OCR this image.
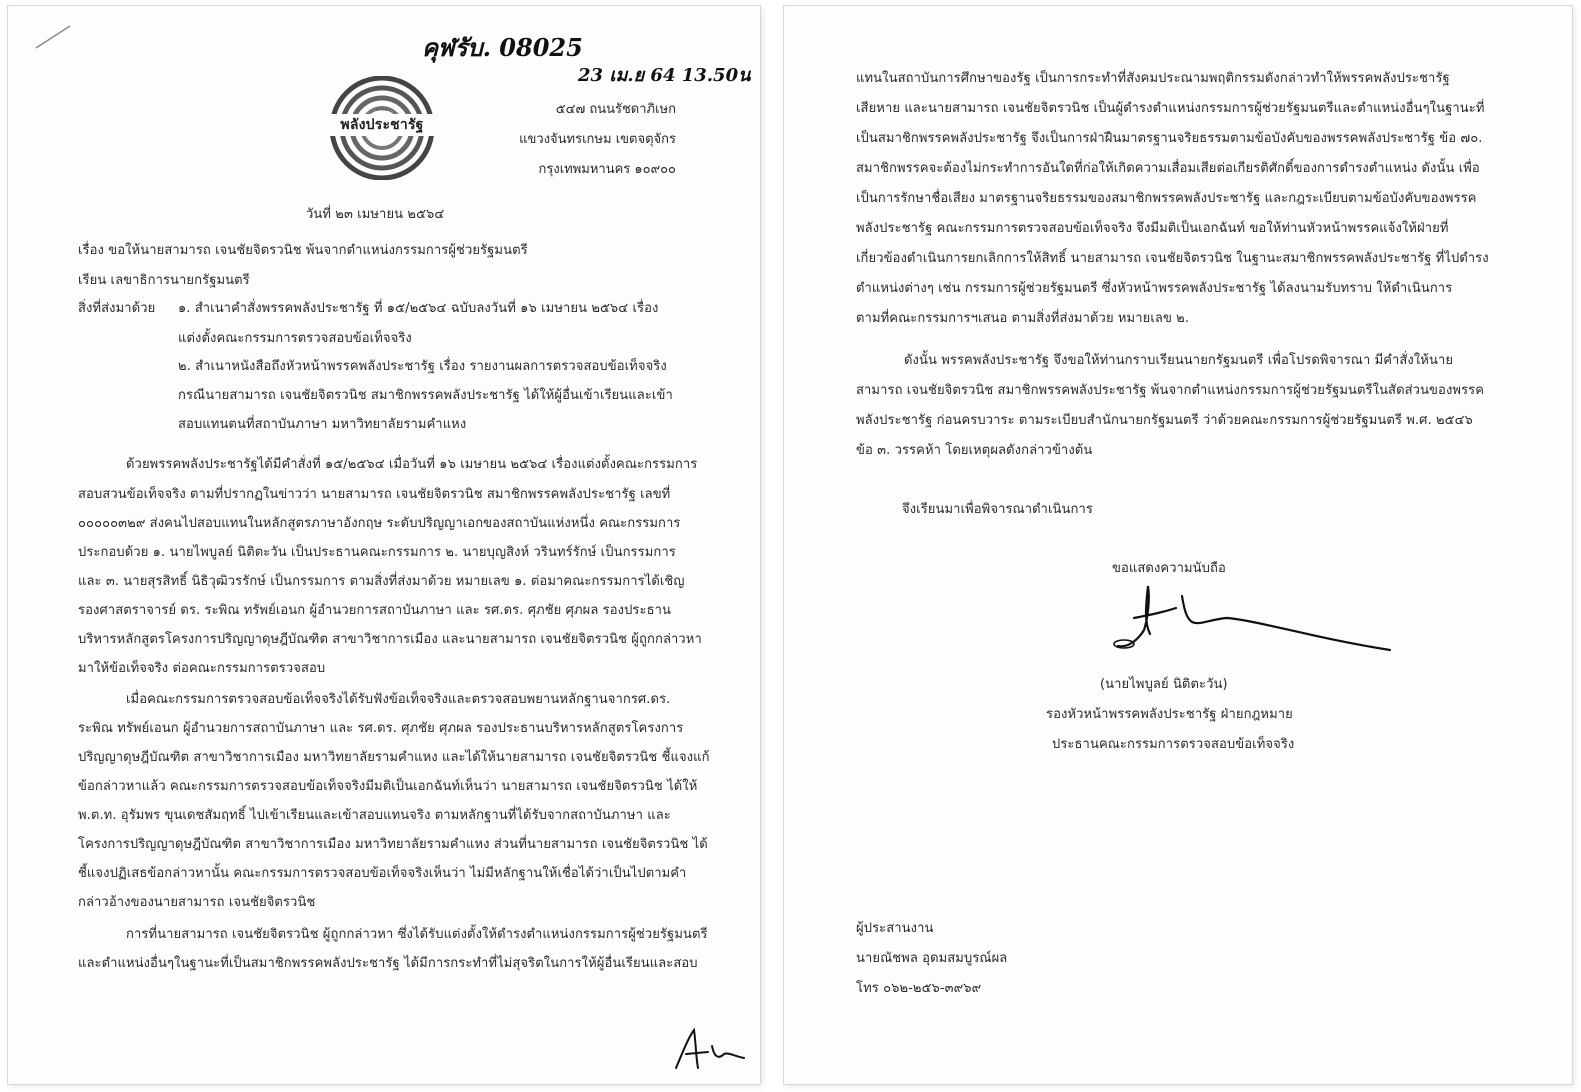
คุฬรับ. 08025
23 เม.ย 64 13.50น
พรรค
พลังประชารัฐ
๕๔๗ ถนนรัชดาภิเษก
แขวงจันทรเกษม เขตจตุจักร
กรุงเทพมหานคร ๑๐๙๐๐
วันที่ ๒๓ เมษายน ๒๕๖๔
เรื่อง ขอให้นายสามารถ เจนชัยจิตรวนิช พ้นจากตำแหน่งกรรมการผู้ช่วยรัฐมนตรี
เรียน เลขาธิการนายกรัฐมนตรี
สิ่งที่ส่งมาด้วย ๑. สำเนาคำสั่งพรรคพลังประชารัฐ ที่ ๑๕/๒๕๖๔ ฉบับลงวันที่ ๑๖ เมษายน ๒๕๖๔ เรื่อง
แต่งตั้งคณะกรรมการตรวจสอบข้อเท็จจริง
๒. สำเนาหนังสือถึงหัวหน้าพรรคพลังประชารัฐ เรื่อง รายงานผลการตรวจสอบข้อเท็จจริง
กรณีนายสามารถ เจนชัยจิตรวนิช สมาชิกพรรคพลังประชารัฐ ได้ให้ผู้อื่นเข้าเรียนและเข้า
สอบแทนตนที่สถาบันภาษา มหาวิทยาลัยรามคำแหง
ด้วยพรรคพลังประชารัฐได้มีคำสั่งที่ ๑๕/๒๕๖๔ เมื่อวันที่ ๑๖ เมษายน ๒๕๖๔ เรื่องแต่งตั้งคณะกรรมการ
สอบสวนข้อเท็จจริง ตามที่ปรากฏในข่าวว่า นายสามารถ เจนชัยจิตรวนิช สมาชิกพรรคพลังประชารัฐ เลขที่
๐๐๐๐๐๓๒๙ ส่งคนไปสอบแทนในหลักสูตรภาษาอังกฤษ ระดับปริญญาเอกของสถาบันแห่งหนึ่ง คณะกรรมการ
ประกอบด้วย ๑. นายไพบูลย์ นิติตะวัน เป็นประธานคณะกรรมการ ๒. นายบุญสิงห์ วรินทร์รักษ์ เป็นกรรมการ
และ ๓. นายสุรสิทธิ์ นิธิวุฒิวรรักษ์ เป็นกรรมการ ตามสิ่งที่ส่งมาด้วย หมายเลข ๑. ต่อมาคณะกรรมการได้เชิญ
รองศาสตราจารย์ ดร. ระพิณ ทรัพย์เอนก ผู้อำนวยการสถาบันภาษา และ รศ.ดร. ศุภชัย ศุภผล รองประธาน
บริหารหลักสูตรโครงการปริญญาดุษฎีบัณฑิต สาขาวิชาการเมือง และนายสามารถ เจนชัยจิตรวนิช ผู้ถูกกล่าวหา
มาให้ข้อเท็จจริง ต่อคณะกรรมการตรวจสอบ
เมื่อคณะกรรมการตรวจสอบข้อเท็จจริงได้รับฟังข้อเท็จจริงและตรวจสอบพยานหลักฐานจากรศ.ดร.
ระพิณ ทรัพย์เอนก ผู้อำนวยการสถาบันภาษา และ รศ.ดร. ศุภชัย ศุภผล รองประธานบริหารหลักสูตรโครงการ
ปริญญาดุษฎีบัณฑิต สาขาวิชาการเมือง มหาวิทยาลัยรามคำแหง และได้ให้นายสามารถ เจนชัยจิตรวนิช ชี้แจงแก้
ข้อกล่าวหาแล้ว คณะกรรมการตรวจสอบข้อเท็จจริงมีมติเป็นเอกฉันท์เห็นว่า นายสามารถ เจนชัยจิตรวนิช ได้ให้
พ.ต.ท. อุรัมพร ขุนเดชสัมฤทธิ์ ไปเข้าเรียนและเข้าสอบแทนจริง ตามหลักฐานที่ได้รับจากสถาบันภาษา และ
โครงการปริญญาดุษฎีบัณฑิต สาขาวิชาการเมือง มหาวิทยาลัยรามคำแหง ส่วนที่นายสามารถ เจนชัยจิตรวนิช ได้
ชี้แจงปฏิเสธข้อกล่าวหานั้น คณะกรรมการตรวจสอบข้อเท็จจริงเห็นว่า ไม่มีหลักฐานให้เชื่อได้ว่าเป็นไปตามคำ
กล่าวอ้างของนายสามารถ เจนชัยจิตรวนิช
การที่นายสามารถ เจนชัยจิตรวนิช ผู้ถูกกล่าวหา ซึ่งได้รับแต่งตั้งให้ดำรงตำแหน่งกรรมการผู้ช่วยรัฐมนตรี
และตำแหน่งอื่นๆในฐานะที่เป็นสมาชิกพรรคพลังประชารัฐ ได้มีการกระทำที่ไม่สุจริตในการให้ผู้อื่นเรียนและสอบ
แทนในสถาบันการศึกษาของรัฐ เป็นการกระทำที่สังคมประณามพฤติกรรมดังกล่าวทำให้พรรคพลังประชารัฐ
เสียหาย และนายสามารถ เจนชัยจิตรวนิช เป็นผู้ดำรงตำแหน่งกรรมการผู้ช่วยรัฐมนตรีและตำแหน่งอื่นๆในฐานะที่
เป็นสมาชิกพรรคพลังประชารัฐ จึงเป็นการฝ่าฝืนมาตรฐานจริยธรรมตามข้อบังคับของพรรคพลังประชารัฐ ข้อ ๗๐.
สมาชิกพรรคจะต้องไม่กระทำการอันใดที่ก่อให้เกิดความเสื่อมเสียต่อเกียรติศักดิ์ของการดำรงตำแหน่ง ดังนั้น เพื่อ
เป็นการรักษาชื่อเสียง มาตรฐานจริยธรรมของสมาชิกพรรคพลังประชารัฐ และกฎระเบียบตามข้อบังคับของพรรค
พลังประชารัฐ คณะกรรมการตรวจสอบข้อเท็จจริง จึงมีมติเป็นเอกฉันท์ ขอให้ท่านหัวหน้าพรรคแจ้งให้ฝ่ายที่
เกี่ยวข้องดำเนินการยกเลิกการให้สิทธิ์ นายสามารถ เจนชัยจิตรวนิช ในฐานะสมาชิกพรรคพลังประชารัฐ ที่ไปดำรง
ตำแหน่งต่างๆ เช่น กรรมการผู้ช่วยรัฐมนตรี ซึ่งหัวหน้าพรรคพลังประชารัฐ ได้ลงนามรับทราบ ให้ดำเนินการ
ตามที่คณะกรรมการฯเสนอ ตามสิ่งที่ส่งมาด้วย หมายเลข ๒.
ดังนั้น พรรคพลังประชารัฐ จึงขอให้ท่านกราบเรียนนายกรัฐมนตรี เพื่อโปรดพิจารณา มีคำสั่งให้นาย
สามารถ เจนชัยจิตรวนิช สมาชิกพรรคพลังประชารัฐ พ้นจากตำแหน่งกรรมการผู้ช่วยรัฐมนตรีในสัดส่วนของพรรค
พลังประชารัฐ ก่อนครบวาระ ตามระเบียบสำนักนายกรัฐมนตรี ว่าด้วยคณะกรรมการผู้ช่วยรัฐมนตรี พ.ศ. ๒๕๔๖
ข้อ ๓. วรรคห้า โดยเหตุผลดังกล่าวข้างต้น
จึงเรียนมาเพื่อพิจารณาดำเนินการ
ขอแสดงความนับถือ
(นายไพบูลย์ นิติตะวัน)
รองหัวหน้าพรรคพลังประชารัฐ ฝ่ายกฎหมาย
ประธานคณะกรรมการตรวจสอบข้อเท็จจริง
ผู้ประสานงาน
นายณัชพล อุดมสมบูรณ์ผล
โทร ๐๖๒-๒๕๖-๓๙๖๙
